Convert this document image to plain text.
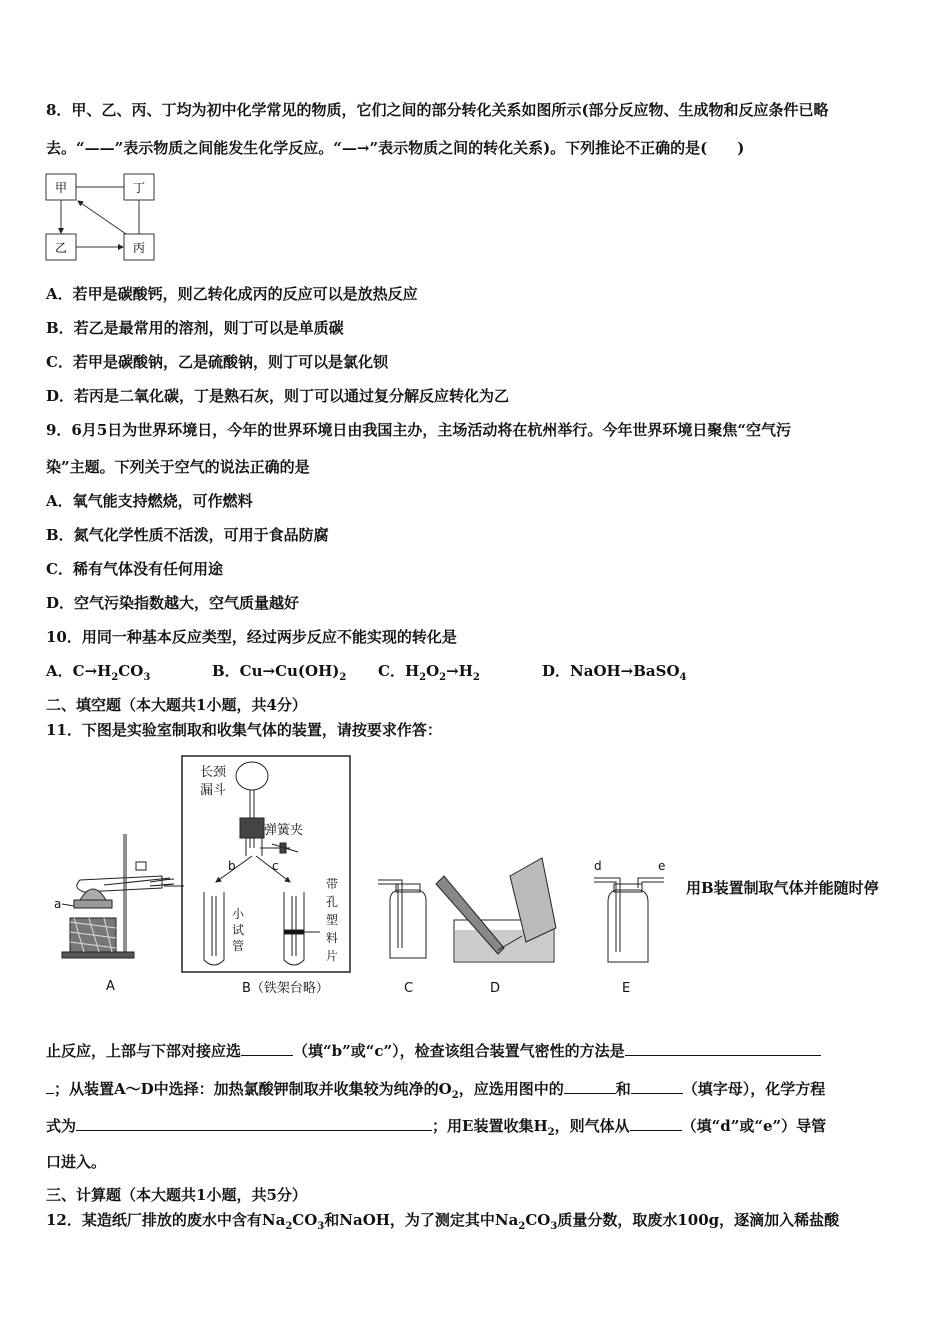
8．甲、乙、丙、丁均为初中化学常见的物质，它们之间的部分转化关系如图所示(部分反应物、生成物和反应条件已略
去。“——”表示物质之间能发生化学反应。“—→”表示物质之间的转化关系)。下列推论不正确的是(　　)
甲	丁
乙	丙
A．若甲是碳酸钙，则乙转化成丙的反应可以是放热反应
B．若乙是最常用的溶剂，则丁可以是单质碳
C．若甲是碳酸钠，乙是硫酸钠，则丁可以是氯化钡
D．若丙是二氧化碳，丁是熟石灰，则丁可以通过复分解反应转化为乙
9．6月5日为世界环境日，今年的世界环境日由我国主办，主场活动将在杭州举行。今年世界环境日聚焦“空气污
染”主题。下列关于空气的说法正确的是
A．氧气能支持燃烧，可作燃料
B．氮气化学性质不活泼，可用于食品防腐
C．稀有气体没有任何用途
D．空气污染指数越大，空气质量越好
10．用同一种基本反应类型，经过两步反应不能实现的转化是
A．$C\to H_2CO_3$	B．$Cu\to Cu(OH)_2$ C．$H_2O_2\to H_2$	D．NaOH→BaSO$_4$
二、填空题（本大题共1小题，共4分）
11．下图是实验室制取和收集气体的装置，请按要求作答：
a
A
长颈
漏斗
弹簧夹
b	c
小
试
管
带
孔
塑
料
片
B（铁架台略）	C	D
d	e
E
用B装置制取气体并能随时停
止反应，上部与下部对接应选	（填“b”或“c”），检查该组合装置气密性的方法是
；从装置A～D中选择：加热氯酸钾制取并收集较为纯净的$O_2$，应选用图中的	和	（填字母），化学方程
式为	；用E装置收集$H_2$，则气体从	（填“d”或“e”）导管
口进入。
三、计算题（本大题共1小题，共5分）
12．某造纸厂排放的废水中含有$Na_2CO_3$和NaOH，为了测定其中$Na_2CO_3$质量分数，取废水100g，逐滴加入稀盐酸
